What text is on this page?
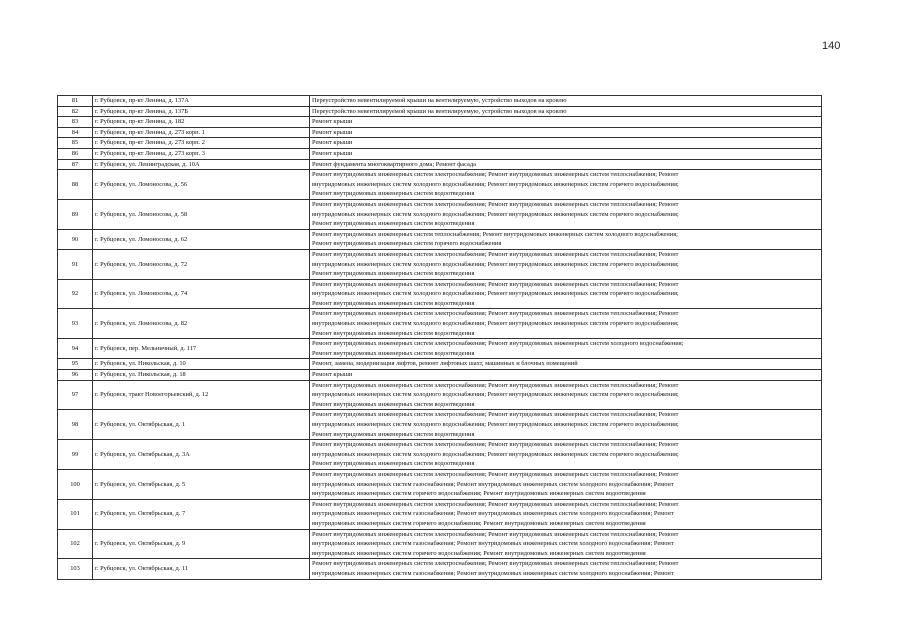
140
81	г. Рубцовск, пр-кт Ленина, д. 137А	Переустройство невентилируемой крыши на вентилируемую, устройство выходов на кровлю

82	г. Рубцовск, пр-кт Ленина, д. 137Б	Переустройство невентилируемой крыши на вентилируемую, устройство выходов на кровлю

83	г. Рубцовск, пр-кт Ленина, д. 182	Ремонт крыши

84	г. Рубцовск, пр-кт Ленина, д. 273 корп. 1	Ремонт крыши

85	г. Рубцовск, пр-кт Ленина, д. 273 корп. 2	Ремонт крыши

86	г. Рубцовск, пр-кт Ленина, д. 273 корп. 3	Ремонт крыши

87	г. Рубцовск, ул. Ленинградская, д. 10А	Ремонт фундамента многоквартирного дома; Ремонт фасада

88	г. Рубцовск, ул. Ломоносова, д. 56	Ремонт внутридомовых инженерных систем электроснабжения; Ремонт внутридомовых инженерных систем теплоснабжения; Ремонт
внутридомовых инженерных систем холодного водоснабжения; Ремонт внутридомовых инженерных систем горячего водоснабжения;
Ремонт внутридомовых инженерных систем водоотведения

89	г. Рубцовск, ул. Ломоносова, д. 58	Ремонт внутридомовых инженерных систем электроснабжения; Ремонт внутридомовых инженерных систем теплоснабжения; Ремонт
внутридомовых инженерных систем холодного водоснабжения; Ремонт внутридомовых инженерных систем горячего водоснабжения;
Ремонт внутридомовых инженерных систем водоотведения

90	г. Рубцовск, ул. Ломоносова, д. 62	Ремонт внутридомовых инженерных систем теплоснабжения; Ремонт внутридомовых инженерных систем холодного водоснабжения;
Ремонт внутридомовых инженерных систем горячего водоснабжения

91	г. Рубцовск, ул. Ломоносова, д. 72	Ремонт внутридомовых инженерных систем электроснабжения; Ремонт внутридомовых инженерных систем теплоснабжения; Ремонт
внутридомовых инженерных систем холодного водоснабжения; Ремонт внутридомовых инженерных систем горячего водоснабжения;
Ремонт внутридомовых инженерных систем водоотведения

92	г. Рубцовск, ул. Ломоносова, д. 74	Ремонт внутридомовых инженерных систем электроснабжения; Ремонт внутридомовых инженерных систем теплоснабжения; Ремонт
внутридомовых инженерных систем холодного водоснабжения; Ремонт внутридомовых инженерных систем горячего водоснабжения;
Ремонт внутридомовых инженерных систем водоотведения

93	г. Рубцовск, ул. Ломоносова, д. 82	Ремонт внутридомовых инженерных систем электроснабжения; Ремонт внутридомовых инженерных систем теплоснабжения; Ремонт
внутридомовых инженерных систем холодного водоснабжения; Ремонт внутридомовых инженерных систем горячего водоснабжения;
Ремонт внутридомовых инженерных систем водоотведения

94	г. Рубцовск, пер. Мельничный, д. 117	Ремонт внутридомовых инженерных систем электроснабжения; Ремонт внутридомовых инженерных систем холодного водоснабжения;
Ремонт внутридомовых инженерных систем водоотведения

95	г. Рубцовск, ул. Никольская, д. 10	Ремонт, замена, модернизация лифтов, ремонт лифтовых шахт, машинных и блочных помещений

96	г. Рубцовск, ул. Никольская, д. 18	Ремонт крыши

97	г. Рубцовск, тракт Новоегорьевский, д. 12	Ремонт внутридомовых инженерных систем электроснабжения; Ремонт внутридомовых инженерных систем теплоснабжения; Ремонт
внутридомовых инженерных систем холодного водоснабжения; Ремонт внутридомовых инженерных систем горячего водоснабжения;
Ремонт внутридомовых инженерных систем водоотведения

98	г. Рубцовск, ул. Октябрьская, д. 1	Ремонт внутридомовых инженерных систем электроснабжения; Ремонт внутридомовых инженерных систем теплоснабжения; Ремонт
внутридомовых инженерных систем холодного водоснабжения; Ремонт внутридомовых инженерных систем горячего водоснабжения;
Ремонт внутридомовых инженерных систем водоотведения

99	г. Рубцовск, ул. Октябрьская, д. 3А	Ремонт внутридомовых инженерных систем электроснабжения; Ремонт внутридомовых инженерных систем теплоснабжения; Ремонт
внутридомовых инженерных систем холодного водоснабжения; Ремонт внутридомовых инженерных систем горячего водоснабжения;
Ремонт внутридомовых инженерных систем водоотведения

100	г. Рубцовск, ул. Октябрьская, д. 5	Ремонт внутридомовых инженерных систем электроснабжения; Ремонт внутридомовых инженерных систем теплоснабжения; Ремонт
внутридомовых инженерных систем газоснабжения; Ремонт внутридомовых инженерных систем холодного водоснабжения; Ремонт
внутридомовых инженерных систем горячего водоснабжения; Ремонт внутридомовых инженерных систем водоотведения

101	г. Рубцовск, ул. Октябрьская, д. 7	Ремонт внутридомовых инженерных систем электроснабжения; Ремонт внутридомовых инженерных систем теплоснабжения; Ремонт
внутридомовых инженерных систем газоснабжения; Ремонт внутридомовых инженерных систем холодного водоснабжения; Ремонт
внутридомовых инженерных систем горячего водоснабжения; Ремонт внутридомовых инженерных систем водоотведения

102	г. Рубцовск, ул. Октябрьская, д. 9	Ремонт внутридомовых инженерных систем электроснабжения; Ремонт внутридомовых инженерных систем теплоснабжения; Ремонт
внутридомовых инженерных систем газоснабжения; Ремонт внутридомовых инженерных систем холодного водоснабжения; Ремонт
внутридомовых инженерных систем горячего водоснабжения; Ремонт внутридомовых инженерных систем водоотведения

103	г. Рубцовск, ул. Октябрьская, д. 11	Ремонт внутридомовых инженерных систем электроснабжения; Ремонт внутридомовых инженерных систем теплоснабжения; Ремонт
внутридомовых инженерных систем газоснабжения; Ремонт внутридомовых инженерных систем холодного водоснабжения; Ремонт
